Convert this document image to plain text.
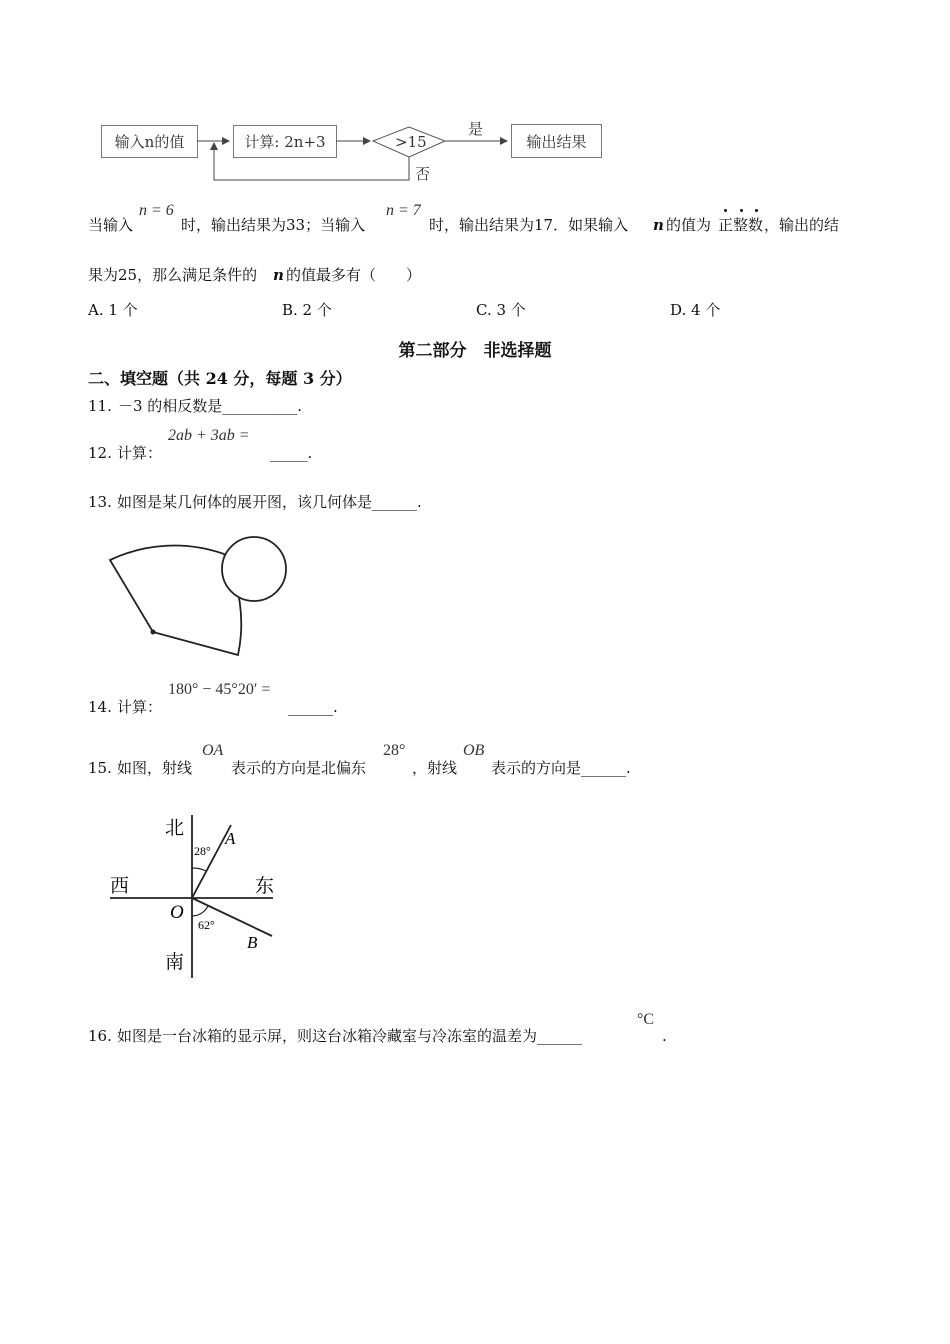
输入n的值	计算: 2n+3	输出结果
>15
是
否
当输入
n = 6
时，输出结果为33；当输入
n = 7
时，输出结果为17．如果输入 n 的值为 正整数 ，输出的结
果为25，那么满足条件的 n 的值最多有（　　）
A. 1 个	B. 2 个	C. 3 个	D. 4 个
第二部分　非选择题
二、填空题（共 24 分，每题 3 分）
11. －3 的相反数是__________.
12. 计算：
2ab + 3ab =
_____.
13. 如图是某几何体的展开图，该几何体是______.
14. 计算：
180° − 45°20′ =
______.
15. 如图，射线
OA
表示的方向是北偏东
28°
，射线
OB
表示的方向是______.
北
南
西	东
O
A
B
28°
62°
16. 如图是一台冰箱的显示屏，则这台冰箱冷藏室与冷冻室的温差为______
°C
.
